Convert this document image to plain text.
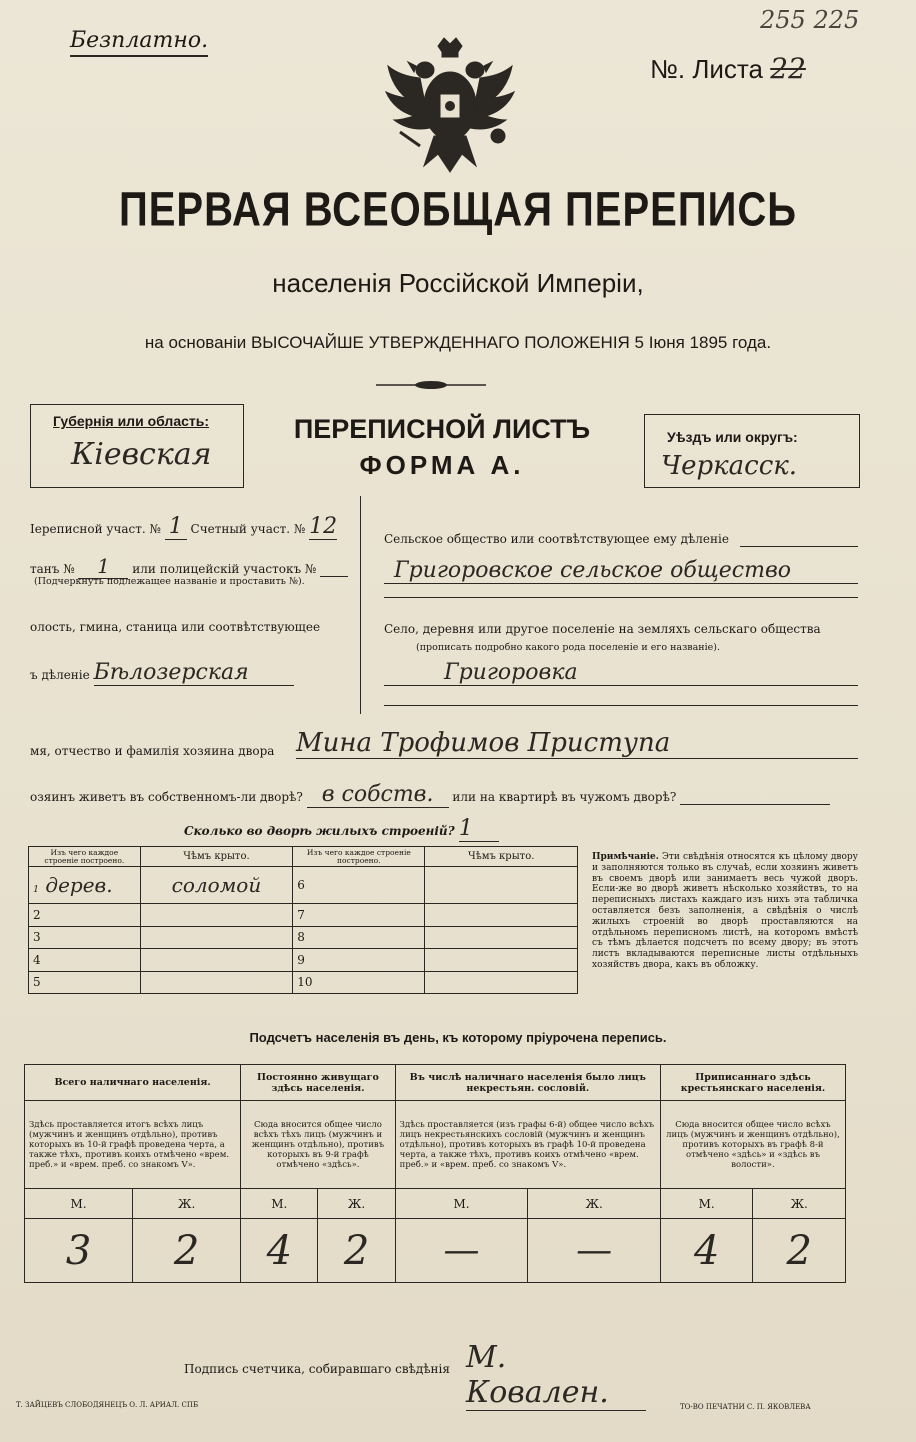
Безплатно.
255 225
№. Листа 22
ПЕРВАЯ ВСЕОБЩАЯ ПЕРЕПИСЬ
населенія Россійской Имперіи,
на основаніи ВЫСОЧАЙШЕ УТВЕРЖДЕННАГО ПОЛОЖЕНІЯ 5 Іюня 1895 года.
Губернія или область:
Кіевская
ПЕРЕПИСНОЙ ЛИСТЪ
ФОРМА А.
Уѣздъ или округъ:
Черкасск.
Іереписной участ. № 1 Счетный участ. № 12
танъ № 1 или полицейскій участокъ №
(Подчеркнуть подлежащее названіе и проставить №).
олость, гмина, станица или соотвѣтствующее
ъ дѣленіе Бѣлозерская
Сельское общество или соотвѣтствующее ему дѣленіе
Григоровское сельское общество
Село, деревня или другое поселеніе на земляхъ сельскаго общества
(прописать подробно какого рода поселеніе и его названіе).
Григоровка
мя, отчество и фамилія хозяина двора Мина Трофимов Приступа
озяинъ живетъ въ собственномъ-ли дворѣ? в собств. или на квартирѣ въ чужомъ дворѣ?
Сколько во дворѣ жилыхъ строеній? 1
Изъ чего каждое строеніе построено.	Чѣмъ крыто.	Изъ чего каждое строеніе построено.	Чѣмъ крыто.
1 дерев.	соломой	6	
2		7	
3		8	
4		9	
5		10	
Примѣчаніе. Эти свѣдѣнія относятся къ цѣлому двору и заполняются только въ случаѣ, если хозяинъ живетъ въ своемъ дворѣ или занимаетъ весь чужой дворъ. Если-же во дворѣ живетъ нѣсколько хозяйствъ, то на переписныхъ листахъ каждаго изъ нихъ эта табличка оставляется безъ заполненія, а свѣдѣнія о числѣ жилыхъ строеній во дворѣ проставляются на отдѣльномъ переписномъ листѣ, на которомъ вмѣстѣ съ тѣмъ дѣлается подсчетъ по всему двору; въ этотъ листъ вкладываются переписные листы отдѣльныхъ хозяйствъ двора, какъ въ обложку.
Подсчетъ населенія въ день, къ которому пріурочена перепись.
Всего наличнаго населенія.		Постоянно живущаго здѣсь населенія.		Въ числѣ наличнаго населенія было лицъ некрестьян. сословій.		Приписаннаго здѣсь крестьянскаго населенія.	
Здѣсь проставляется итогъ всѣхъ лицъ (мужчинъ и женщинъ отдѣльно), противъ которыхъ въ 10-й графѣ проведена черта, а также тѣхъ, противъ коихъ отмѣчено «врем. преб.» и «врем. преб. со знакомъ V».		Сюда вносится общее число всѣхъ тѣхъ лицъ (мужчинъ и женщинъ отдѣльно), противъ которыхъ въ 9-й графѣ отмѣчено «здѣсь».		Здѣсь проставляется (изъ графы 6-й) общее число всѣхъ лицъ некрестьянскихъ сословій (мужчинъ и женщинъ отдѣльно), противъ которыхъ въ графѣ 10-й проведена черта, а также тѣхъ, противъ коихъ отмѣчено «врем. преб.» и «врем. преб. со знакомъ V».		Сюда вносится общее число всѣхъ лицъ (мужчинъ и женщинъ отдѣльно), противъ которыхъ въ графѣ 8-й отмѣчено «здѣсь» и «здѣсь въ волости».	
М.	Ж.	М.	Ж.	М.	Ж.	М.	Ж.
3	2	4	2	—	—	4	2
Подпись счетчика, собиравшаго свѣдѣнія М. Ковален.
Т. ЗАЙЦЕВЪ СЛОБОДЯНЕЦЪ О. Л. АРИАЛ. СПБ	ТО-ВО ПЕЧАТНИ С. П. ЯКОВЛЕВА
